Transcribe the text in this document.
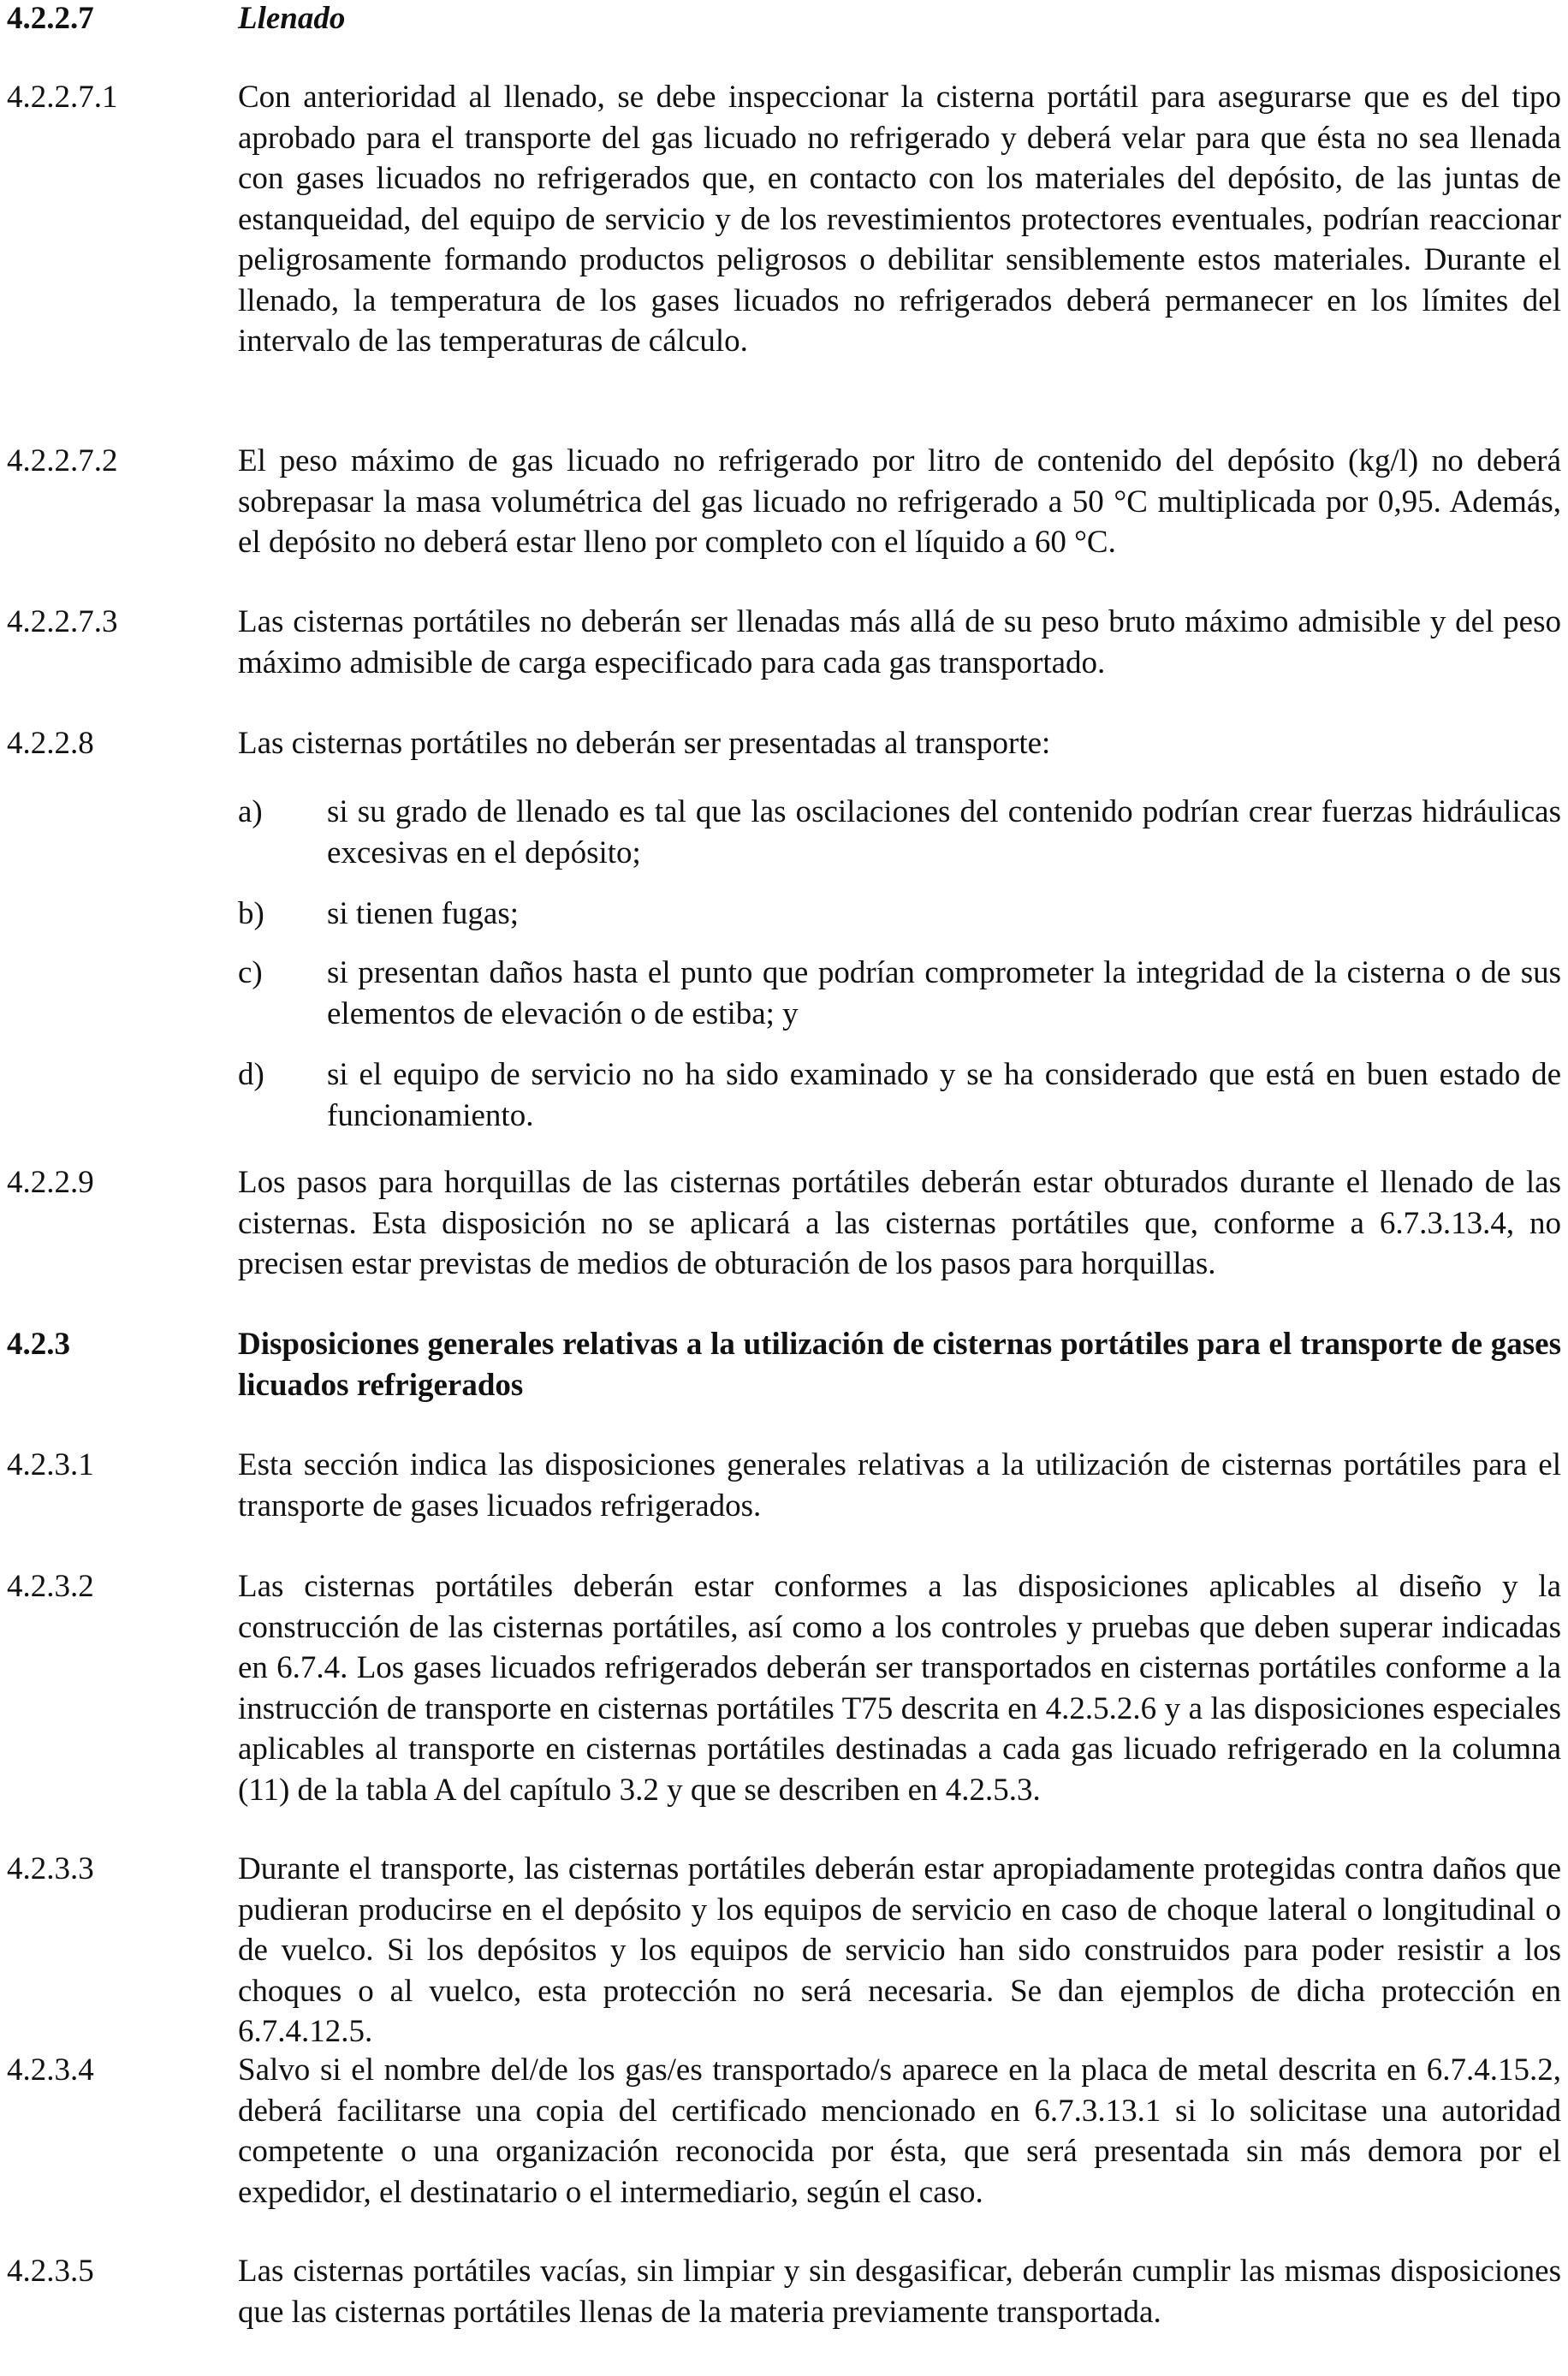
4.2.2.7	Llenado
4.2.2.7.1	Con anterioridad al llenado, se debe inspeccionar la cisterna portátil para asegurarse que es del tipo aprobado para el transporte del gas licuado no refrigerado y deberá velar para que ésta no sea llenada con gases licuados no refrigerados que, en contacto con los materiales del depósito, de las juntas de estanqueidad, del equipo de servicio y de los revestimientos protectores eventuales, podrían reaccionar peligrosamente formando productos peligrosos o debilitar sensiblemente estos materiales. Durante el llenado, la temperatura de los gases licuados no refrigerados deberá permanecer en los límites del intervalo de las temperaturas de cálculo.
4.2.2.7.2	El peso máximo de gas licuado no refrigerado por litro de contenido del depósito (kg/l) no deberá sobrepasar la masa volumétrica del gas licuado no refrigerado a 50 °C multiplicada por 0,95. Además, el depósito no deberá estar lleno por completo con el líquido a 60 °C.
4.2.2.7.3	Las cisternas portátiles no deberán ser llenadas más allá de su peso bruto máximo admisible y del peso máximo admisible de carga especificado para cada gas transportado.
4.2.2.8	Las cisternas portátiles no deberán ser presentadas al transporte:
a)	si su grado de llenado es tal que las oscilaciones del contenido podrían crear fuerzas hidráulicas excesivas en el depósito;
b)	si tienen fugas;
c)	si presentan daños hasta el punto que podrían comprometer la integridad de la cisterna o de sus elementos de elevación o de estiba; y
d)	si el equipo de servicio no ha sido examinado y se ha considerado que está en buen estado de funcionamiento.
4.2.2.9	Los pasos para horquillas de las cisternas portátiles deberán estar obturados durante el llenado de las cisternas. Esta disposición no se aplicará a las cisternas portátiles que, conforme a 6.7.3.13.4, no precisen estar previstas de medios de obturación de los pasos para horquillas.
4.2.3	Disposiciones generales relativas a la utilización de cisternas portátiles para el transporte de gases licuados refrigerados
4.2.3.1	Esta sección indica las disposiciones generales relativas a la utilización de cisternas portátiles para el transporte de gases licuados refrigerados.
4.2.3.2	Las cisternas portátiles deberán estar conformes a las disposiciones aplicables al diseño y la construcción de las cisternas portátiles, así como a los controles y pruebas que deben superar indicadas en 6.7.4. Los gases licuados refrigerados deberán ser transportados en cisternas portátiles conforme a la instrucción de transporte en cisternas portátiles T75 descrita en 4.2.5.2.6 y a las disposiciones especiales aplicables al transporte en cisternas portátiles destinadas a cada gas licuado refrigerado en la columna (11) de la tabla A del capítulo 3.2 y que se describen en 4.2.5.3.
4.2.3.3	Durante el transporte, las cisternas portátiles deberán estar apropiadamente protegidas contra daños que pudieran producirse en el depósito y los equipos de servicio en caso de choque lateral o longitudinal o de vuelco. Si los depósitos y los equipos de servicio han sido construidos para poder resistir a los choques o al vuelco, esta protección no será necesaria. Se dan ejemplos de dicha protección en 6.7.4.12.5.
4.2.3.4	Salvo si el nombre del/de los gas/es transportado/s aparece en la placa de metal descrita en 6.7.4.15.2, deberá facilitarse una copia del certificado mencionado en 6.7.3.13.1 si lo solicitase una autoridad competente o una organización reconocida por ésta, que será presentada sin más demora por el expedidor, el destinatario o el intermediario, según el caso.
4.2.3.5	Las cisternas portátiles vacías, sin limpiar y sin desgasificar, deberán cumplir las mismas disposiciones que las cisternas portátiles llenas de la materia previamente transportada.
